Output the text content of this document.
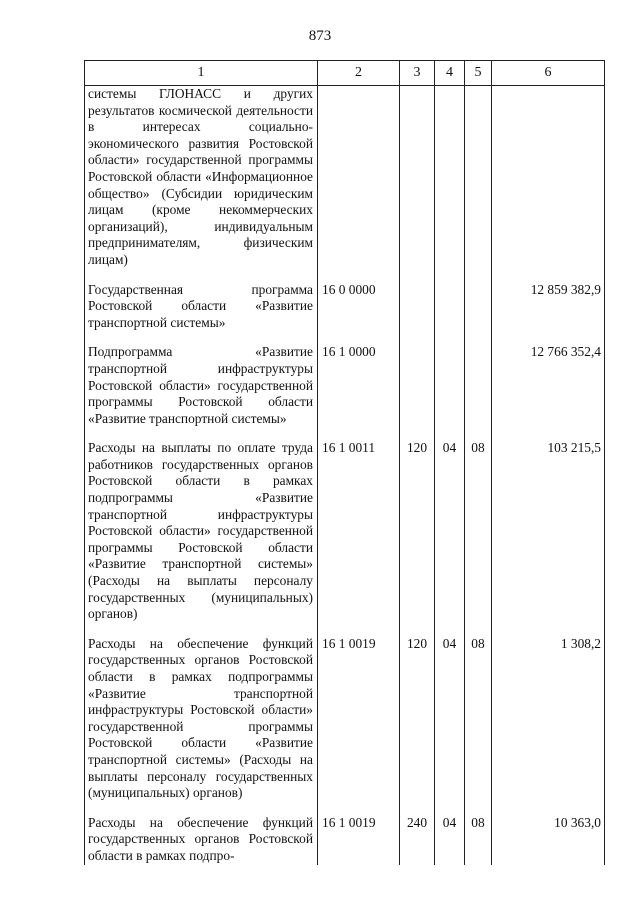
873
1	2	3	4	5	6
системы ГЛОНАСС и других результатов космической деятельности в интересах социально-экономического развития Ростовской области» государственной программы Ростовской области «Информационное общество» (Субсидии юридическим лицам (кроме некоммерческих организаций), индивидуальным предпринимателям, физическим лицам)					
Государственная программа Ростовской области «Развитие транспортной системы»	16 0 0000				12 859 382,9
Подпрограмма «Развитие транспортной инфраструктуры Ростовской области» государственной программы Ростовской области «Развитие транспортной системы»	16 1 0000				12 766 352,4
Расходы на выплаты по оплате труда работников государственных органов Ростовской области в рамках подпрограммы «Развитие транспортной инфраструктуры Ростовской области» государственной программы Ростовской области «Развитие транспортной системы» (Расходы на выплаты персоналу государственных (муниципальных) органов)	16 1 0011	120	04	08	103 215,5
Расходы на обеспечение функций государственных органов Ростовской области в рамках подпрограммы «Развитие транспортной инфраструктуры Ростовской области» государственной программы Ростовской области «Развитие транспортной системы» (Расходы на выплаты персоналу государственных (муниципальных) органов)	16 1 0019	120	04	08	1 308,2
Расходы на обеспечение функций государственных органов Ростовской области в рамках подпро-	16 1 0019	240	04	08	10 363,0
